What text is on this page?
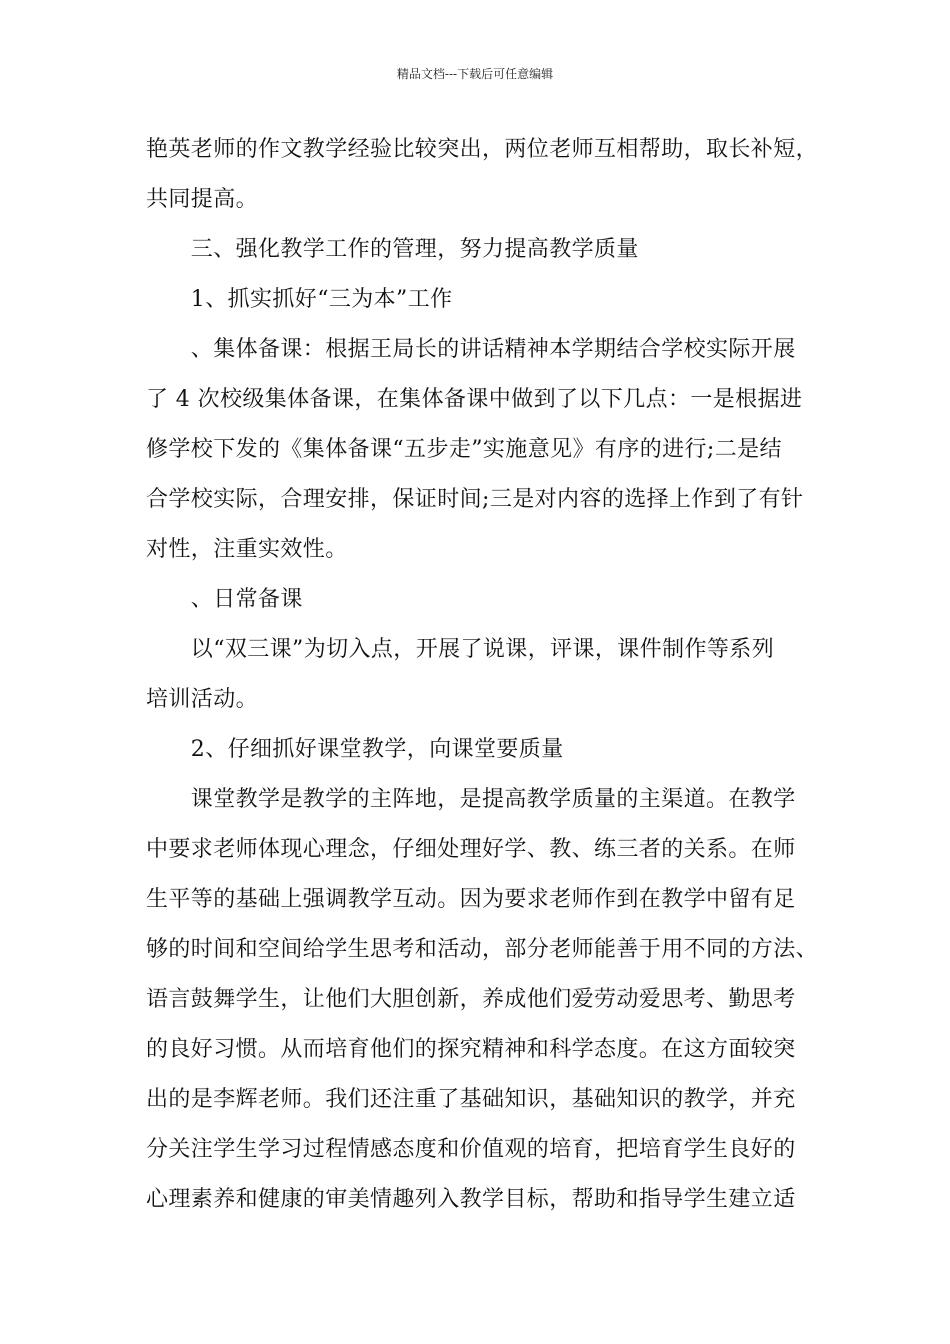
精品文档---下载后可任意编辑
艳英老师的作文教学经验比较突出，两位老师互相帮助，取长补短，
共同提高。
　　三、强化教学工作的管理，努力提高教学质量
　　1、抓实抓好“三为本”工作
　　、集体备课：根据王局长的讲话精神本学期结合学校实际开展
了 4 次校级集体备课，在集体备课中做到了以下几点：一是根据进
修学校下发的《集体备课“五步走”实施意见》有序的进行;二是结
合学校实际，合理安排，保证时间;三是对内容的选择上作到了有针
对性，注重实效性。
　　、日常备课
　　以“双三课”为切入点，开展了说课，评课，课件制作等系列
培训活动。
　　2、仔细抓好课堂教学，向课堂要质量
　　课堂教学是教学的主阵地，是提高教学质量的主渠道。在教学
中要求老师体现心理念，仔细处理好学、教、练三者的关系。在师
生平等的基础上强调教学互动。因为要求老师作到在教学中留有足
够的时间和空间给学生思考和活动，部分老师能善于用不同的方法、
语言鼓舞学生，让他们大胆创新，养成他们爱劳动爱思考、勤思考
的良好习惯。从而培育他们的探究精神和科学态度。在这方面较突
出的是李辉老师。我们还注重了基础知识，基础知识的教学，并充
分关注学生学习过程情感态度和价值观的培育，把培育学生良好的
心理素养和健康的审美情趣列入教学目标，帮助和指导学生建立适
